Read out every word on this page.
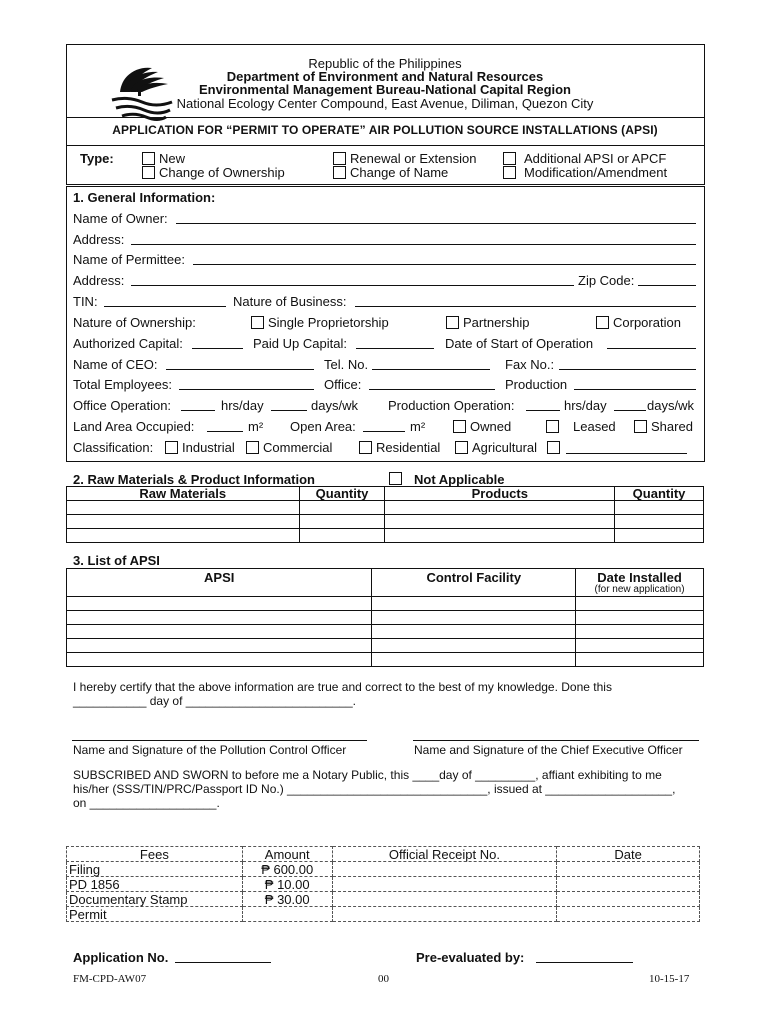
Republic of the Philippines
Department of Environment and Natural Resources
Environmental Management Bureau-National Capital Region
National Ecology Center Compound, East Avenue, Diliman, Quezon City
APPLICATION FOR “PERMIT TO OPERATE” AIR POLLUTION SOURCE INSTALLATIONS (APSI)
Type:	New
Change of Ownership
Renewal or Extension
Change of Name
Additional APSI or APCF
Modification/Amendment
1. General Information:
Name of Owner:
Address:
Name of Permittee:
Address:	Zip Code:
TIN:	Nature of Business:
Nature of Ownership:	Single Proprietorship	Partnership	Corporation
Authorized Capital:	Paid Up Capital:	Date of Start of Operation
Name of CEO:	Tel. No.	Fax No.:
Total Employees:	Office:	Production
Office Operation:	hrs/day	days/wk Production Operation:	hrs/day	days/wk
Land Area Occupied:	m² Open Area:	m²	Owned	Leased	Shared
Classification: Industrial Commercial	Residential Agricultural
2. Raw Materials & Product Information	Not Applicable
Raw Materials	Quantity	Products	Quantity

3. List of APSI
APSI	Control Facility	Date Installed
(for new application)

I hereby certify that the above information are true and correct to the best of my knowledge. Done this
___________ day of _________________________.
Name and Signature of the Pollution Control Officer	Name and Signature of the Chief Executive Officer
SUBSCRIBED AND SWORN to before me a Notary Public, this ____day of _________, affiant exhibiting to me
his/her (SSS/TIN/PRC/Passport ID No.) ______________________________, issued at ___________________,
on ___________________.
Fees	Amount	Official Receipt No.	Date
Filing	₱ 600.00		
PD 1856	₱ 10.00		
Documentary Stamp	₱ 30.00		
Permit			
Application No.	Pre-evaluated by:
FM-CPD-AW07	00	10-15-17
